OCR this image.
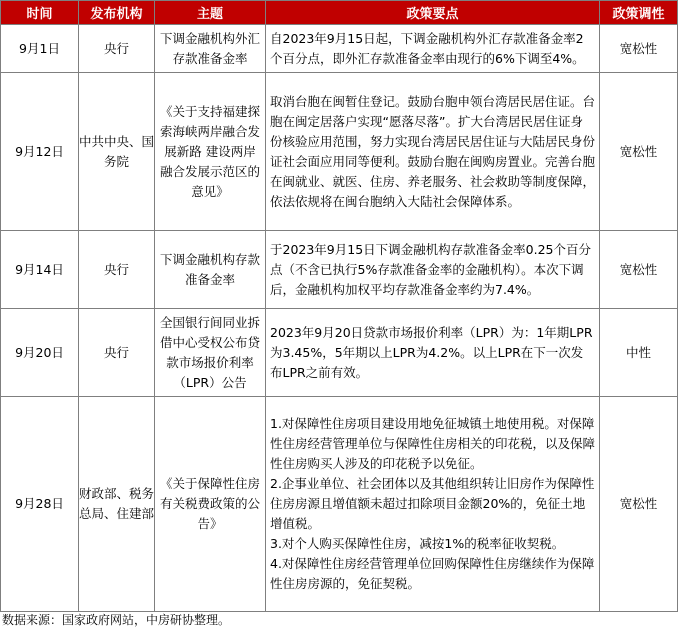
时间	发布机构	主题	政策要点	政策调性
9月1日	央行	下调金融机构外汇存款准备金率	自2023年9月15日起，下调金融机构外汇存款准备金率2个百分点，即外汇存款准备金率由现行的6%下调至4%。	宽松性
9月12日	中共中央、国务院	《关于支持福建探索海峡两岸融合发展新路 建设两岸融合发展示范区的意见》	取消台胞在闽暂住登记。鼓励台胞申领台湾居民居住证。台胞在闽定居落户实现“愿落尽落”。扩大台湾居民居住证身份核验应用范围，努力实现台湾居民居住证与大陆居民身份证社会面应用同等便利。鼓励台胞在闽购房置业。完善台胞在闽就业、就医、住房、养老服务、社会救助等制度保障，依法依规将在闽台胞纳入大陆社会保障体系。	宽松性
9月14日	央行	下调金融机构存款准备金率	于2023年9月15日下调金融机构存款准备金率0.25个百分点（不含已执行5%存款准备金率的金融机构）。本次下调后，金融机构加权平均存款准备金率约为7.4%。	宽松性
9月20日	央行	全国银行间同业拆借中心受权公布贷款市场报价利率（LPR）公告	2023年9月20日贷款市场报价利率（LPR）为：1年期LPR为3.45%，5年期以上LPR为4.2%。以上LPR在下一次发布LPR之前有效。	中性
9月28日	财政部、税务总局、住建部	《关于保障性住房有关税费政策的公告》	1.对保障性住房项目建设用地免征城镇土地使用税。对保障性住房经营管理单位与保障性住房相关的印花税，以及保障性住房购买人涉及的印花税予以免征。

2.企事业单位、社会团体以及其他组织转让旧房作为保障性住房房源且增值额未超过扣除项目金额20%的，免征土地增值税。

3.对个人购买保障性住房，减按1%的税率征收契税。

4.对保障性住房经营管理单位回购保障性住房继续作为保障性住房房源的，免征契税。	宽松性
数据来源：国家政府网站，中房研协整理。
